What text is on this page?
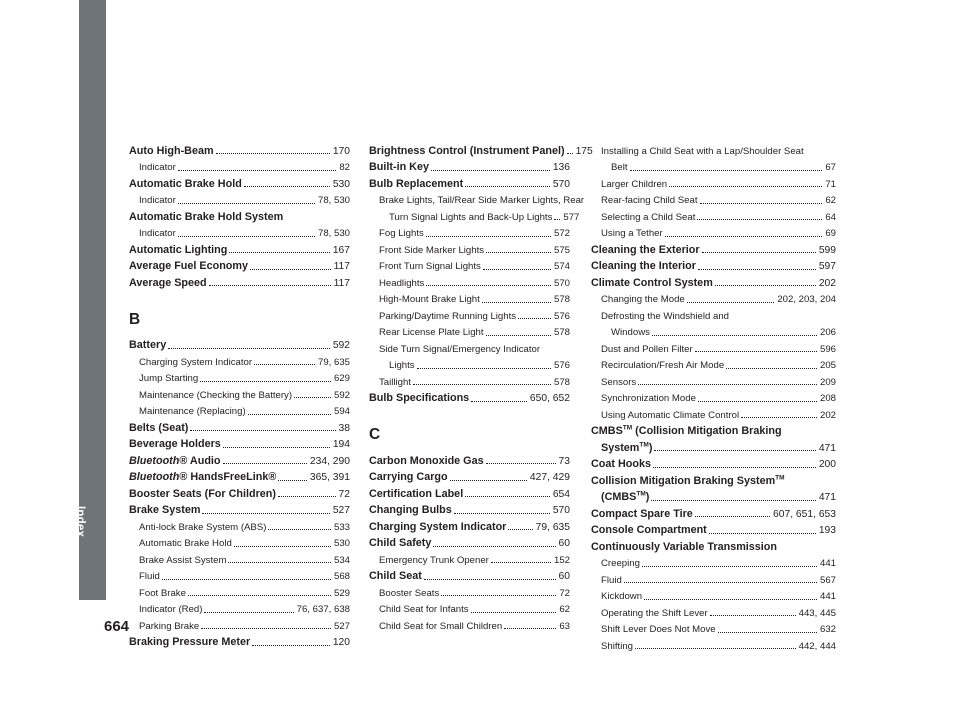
Index
664
Auto High-Beam	170
Indicator	82
Automatic Brake Hold	530
Indicator	78, 530
Automatic Brake Hold System
Indicator	78, 530
Automatic Lighting	167
Average Fuel Economy	117
Average Speed	117
B
Battery	592
Charging System Indicator	79, 635
Jump Starting	629
Maintenance (Checking the Battery)	592
Maintenance (Replacing)	594
Belts (Seat)	38
Beverage Holders	194
Bluetooth® Audio	234, 290
Bluetooth® HandsFreeLink®	365, 391
Booster Seats (For Children)	72
Brake System	527
Anti-lock Brake System (ABS)	533
Automatic Brake Hold	530
Brake Assist System	534
Fluid	568
Foot Brake	529
Indicator (Red)	76, 637, 638
Parking Brake	527
Braking Pressure Meter	120
Brightness Control (Instrument Panel) 175
Built-in Key	136
Bulb Replacement	570
Brake Lights, Tail/Rear Side Marker Lights, Rear
Turn Signal Lights and Back-Up Lights 577
Fog Lights	572
Front Side Marker Lights	575
Front Turn Signal Lights	574
Headlights	570
High-Mount Brake Light	578
Parking/Daytime Running Lights	576
Rear License Plate Light	578
Side Turn Signal/Emergency Indicator
Lights	576
Taillight	578
Bulb Specifications	650, 652
C
Carbon Monoxide Gas	73
Carrying Cargo	427, 429
Certification Label	654
Changing Bulbs	570
Charging System Indicator	79, 635
Child Safety	60
Emergency Trunk Opener	152
Child Seat	60
Booster Seats	72
Child Seat for Infants	62
Child Seat for Small Children	63
Installing a Child Seat with a Lap/Shoulder Seat
Belt	67
Larger Children	71
Rear-facing Child Seat	62
Selecting a Child Seat	64
Using a Tether	69
Cleaning the Exterior	599
Cleaning the Interior	597
Climate Control System	202
Changing the Mode	202, 203, 204
Defrosting the Windshield and
Windows	206
Dust and Pollen Filter	596
Recirculation/Fresh Air Mode	205
Sensors	209
Synchronization Mode	208
Using Automatic Climate Control	202
CMBS™ (Collision Mitigation Braking
System™)	471
Coat Hooks	200
Collision Mitigation Braking System™
(CMBS™)	471
Compact Spare Tire	607, 651, 653
Console Compartment	193
Continuously Variable Transmission
Creeping	441
Fluid	567
Kickdown	441
Operating the Shift Lever	443, 445
Shift Lever Does Not Move	632
Shifting	442, 444
